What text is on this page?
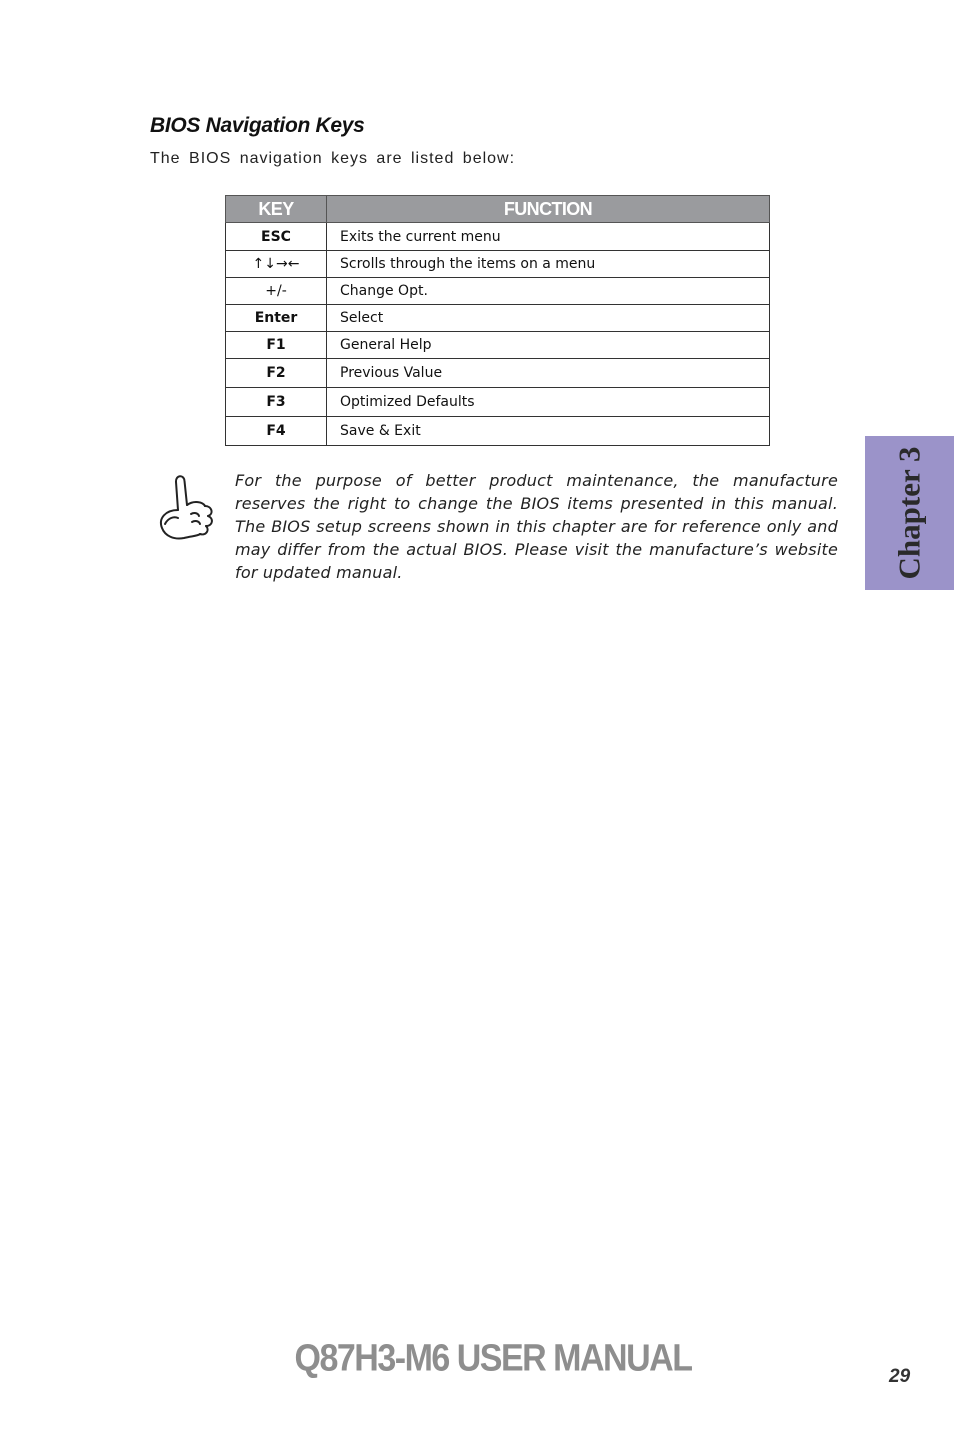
BIOS Navigation Keys

The BIOS navigation keys are listed below:

KEY	FUNCTION
ESC	Exits the current menu
↑↓→←	Scrolls through the items on a menu
+/-	Change Opt.
Enter	Select
F1	General Help
F2	Previous Value
F3	Optimized Defaults
F4	Save & Exit

For the purpose of better product maintenance, the manufacture reserves the right to change the BIOS items presented in this manual. The BIOS setup screens shown in this chapter are for reference only and may differ from the actual BIOS. Please visit the manufacture’s website for updated manual.	Chapter 3
Q87H3-M6 USER MANUAL	29
